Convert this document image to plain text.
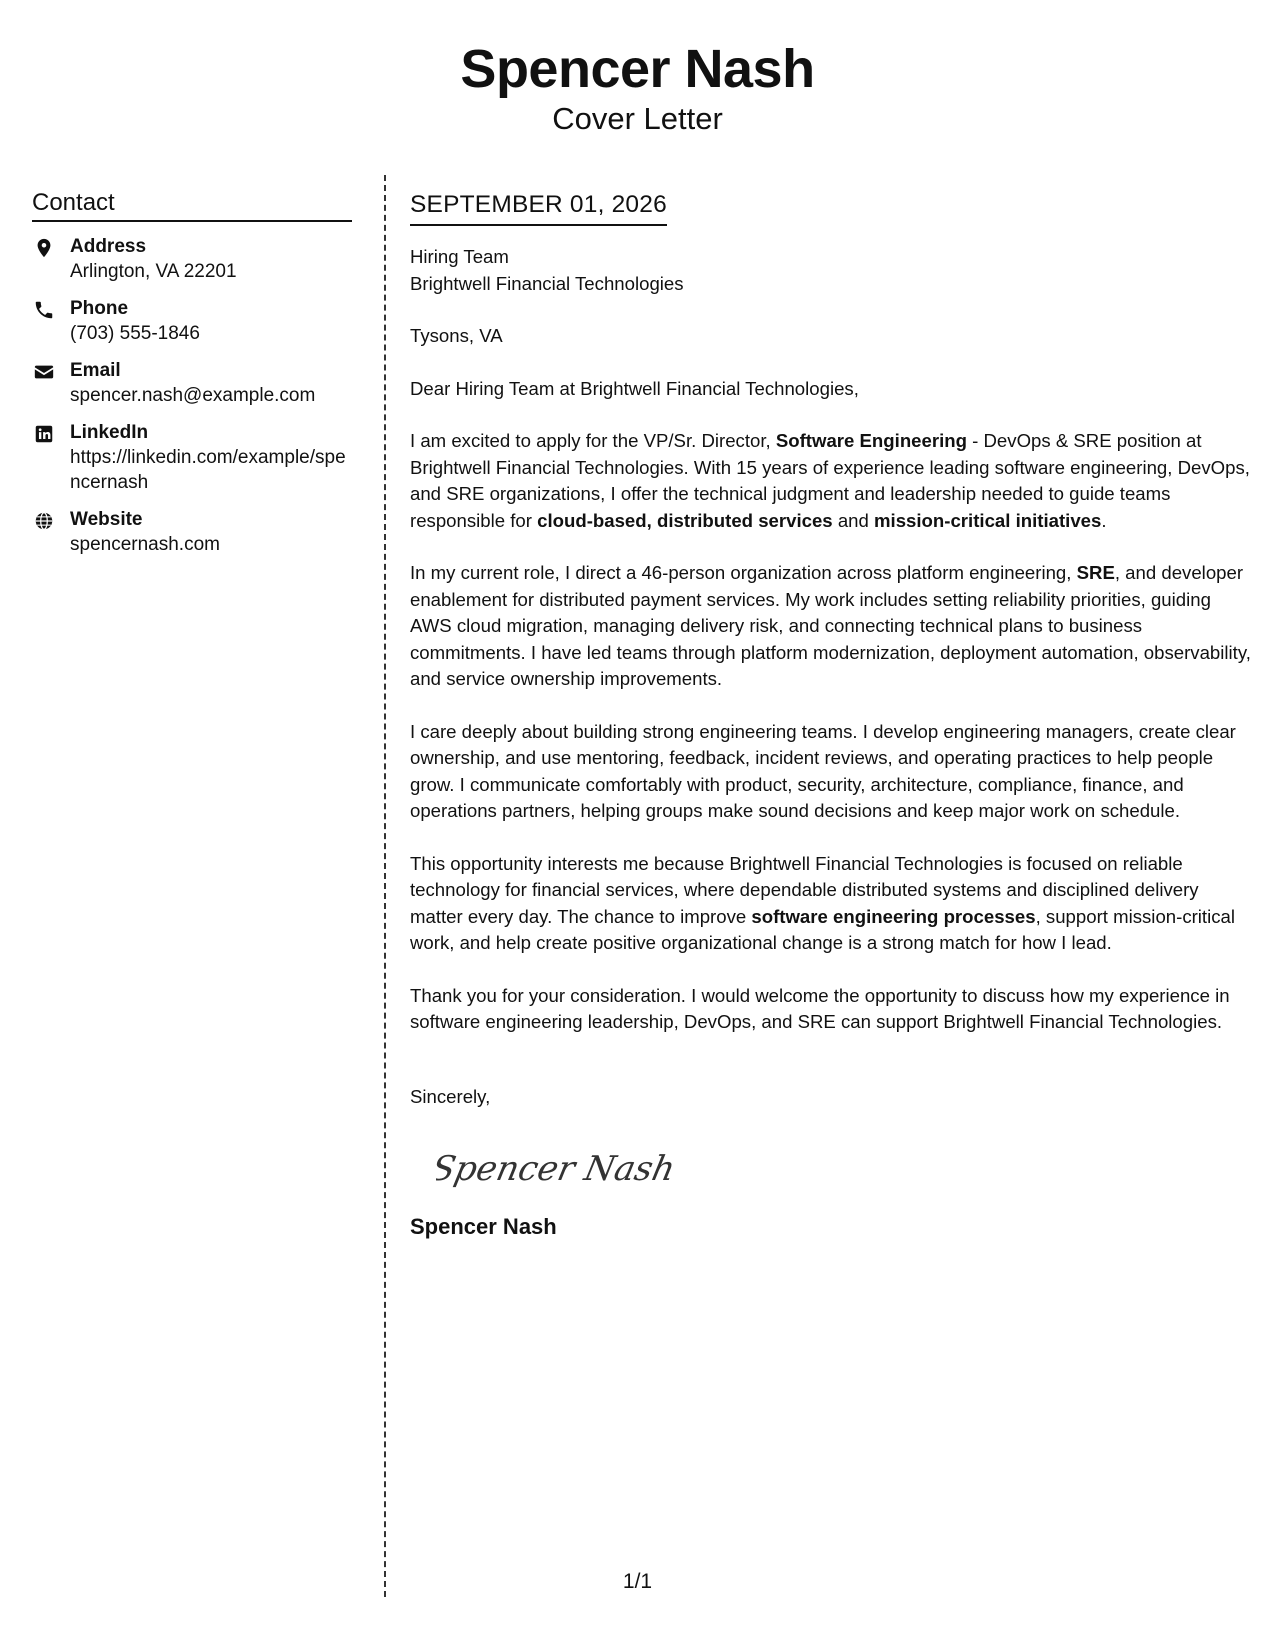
Spencer Nash
Cover Letter
Contact
Address
Arlington, VA 22201
Phone
(703) 555-1846
Email
spencer.nash@example.com
LinkedIn
https://linkedin.com/example/spencernash
Website
spencernash.com
SEPTEMBER 01, 2026
Hiring Team
Brightwell Financial Technologies
Tysons, VA

Dear Hiring Team at Brightwell Financial Technologies,

I am excited to apply for the VP/Sr. Director, Software Engineering - DevOps & SRE position at Brightwell Financial Technologies. With 15 years of experience leading software engineering, DevOps, and SRE organizations, I offer the technical judgment and leadership needed to guide teams responsible for cloud-based, distributed services and mission-critical initiatives.

In my current role, I direct a 46-person organization across platform engineering, SRE, and developer enablement for distributed payment services. My work includes setting reliability priorities, guiding AWS cloud migration, managing delivery risk, and connecting technical plans to business commitments. I have led teams through platform modernization, deployment automation, observability, and service ownership improvements.

I care deeply about building strong engineering teams. I develop engineering managers, create clear ownership, and use mentoring, feedback, incident reviews, and operating practices to help people grow. I communicate comfortably with product, security, architecture, compliance, finance, and operations partners, helping groups make sound decisions and keep major work on schedule.

This opportunity interests me because Brightwell Financial Technologies is focused on reliable technology for financial services, where dependable distributed systems and disciplined delivery matter every day. The chance to improve software engineering processes, support mission-critical work, and help create positive organizational change is a strong match for how I lead.

Thank you for your consideration. I would welcome the opportunity to discuss how my experience in software engineering leadership, DevOps, and SRE can support Brightwell Financial Technologies.

Sincerely,
Spencer Nash
Spencer Nash
1/1
